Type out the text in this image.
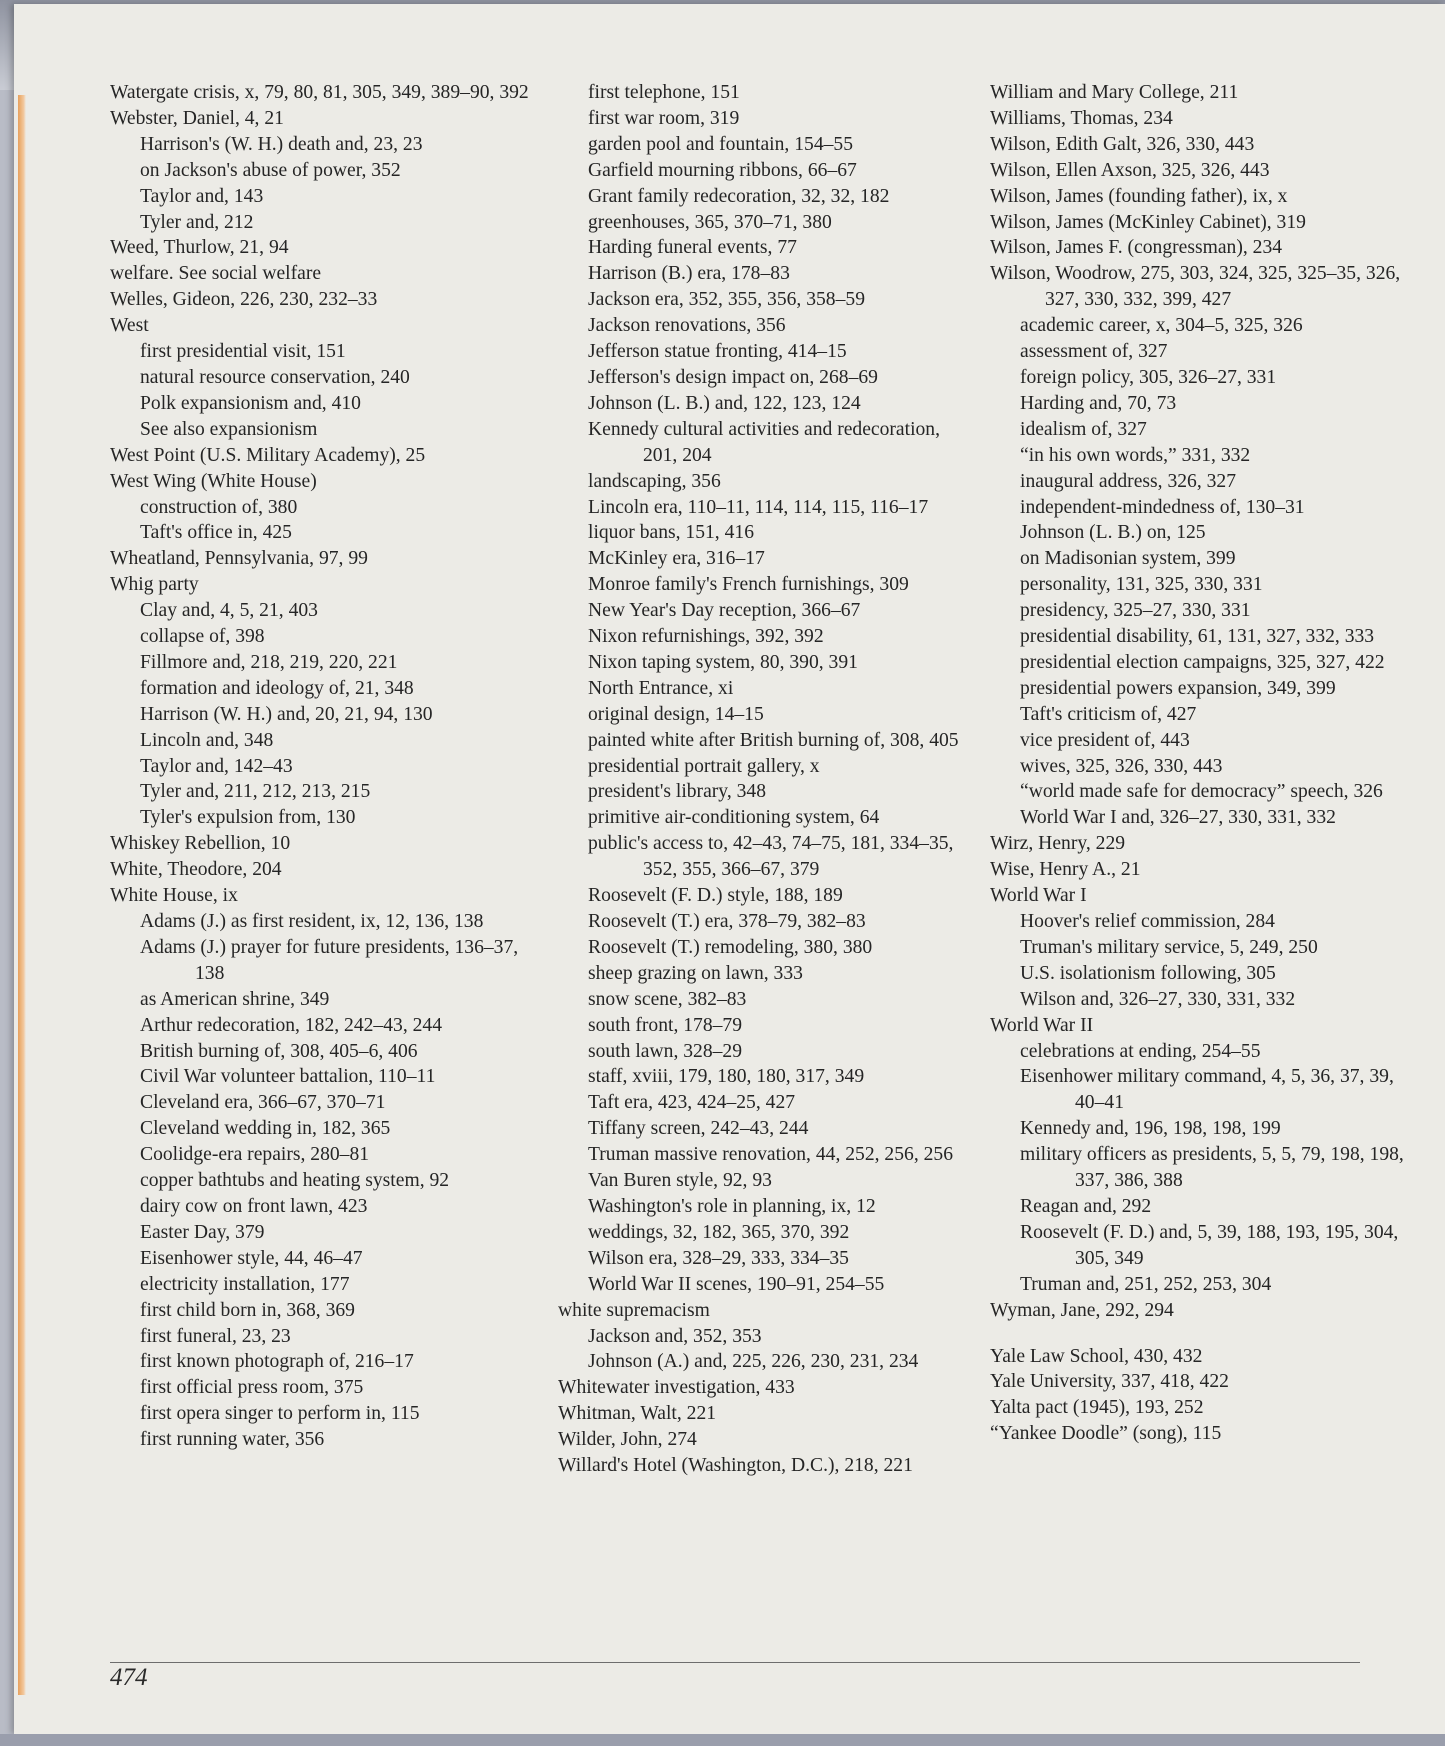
Watergate crisis, x, 79, 80, 81, 305, 349, 389–90, 392
Webster, Daniel, 4, 21
Harrison's (W. H.) death and, 23, 23
on Jackson's abuse of power, 352
Taylor and, 143
Tyler and, 212
Weed, Thurlow, 21, 94
welfare. See social welfare
Welles, Gideon, 226, 230, 232–33
West
first presidential visit, 151
natural resource conservation, 240
Polk expansionism and, 410
See also expansionism
West Point (U.S. Military Academy), 25
West Wing (White House)
construction of, 380
Taft's office in, 425
Wheatland, Pennsylvania, 97, 99
Whig party
Clay and, 4, 5, 21, 403
collapse of, 398
Fillmore and, 218, 219, 220, 221
formation and ideology of, 21, 348
Harrison (W. H.) and, 20, 21, 94, 130
Lincoln and, 348
Taylor and, 142–43
Tyler and, 211, 212, 213, 215
Tyler's expulsion from, 130
Whiskey Rebellion, 10
White, Theodore, 204
White House, ix
Adams (J.) as first resident, ix, 12, 136, 138
Adams (J.) prayer for future presidents, 136–37, 138
as American shrine, 349
Arthur redecoration, 182, 242–43, 244
British burning of, 308, 405–6, 406
Civil War volunteer battalion, 110–11
Cleveland era, 366–67, 370–71
Cleveland wedding in, 182, 365
Coolidge-era repairs, 280–81
copper bathtubs and heating system, 92
dairy cow on front lawn, 423
Easter Day, 379
Eisenhower style, 44, 46–47
electricity installation, 177
first child born in, 368, 369
first funeral, 23, 23
first known photograph of, 216–17
first official press room, 375
first opera singer to perform in, 115
first running water, 356
first telephone, 151
first war room, 319
garden pool and fountain, 154–55
Garfield mourning ribbons, 66–67
Grant family redecoration, 32, 32, 182
greenhouses, 365, 370–71, 380
Harding funeral events, 77
Harrison (B.) era, 178–83
Jackson era, 352, 355, 356, 358–59
Jackson renovations, 356
Jefferson statue fronting, 414–15
Jefferson's design impact on, 268–69
Johnson (L. B.) and, 122, 123, 124
Kennedy cultural activities and redecoration, 201, 204
landscaping, 356
Lincoln era, 110–11, 114, 114, 115, 116–17
liquor bans, 151, 416
McKinley era, 316–17
Monroe family's French furnishings, 309
New Year's Day reception, 366–67
Nixon refurnishings, 392, 392
Nixon taping system, 80, 390, 391
North Entrance, xi
original design, 14–15
painted white after British burning of, 308, 405
presidential portrait gallery, x
president's library, 348
primitive air-conditioning system, 64
public's access to, 42–43, 74–75, 181, 334–35, 352, 355, 366–67, 379
Roosevelt (F. D.) style, 188, 189
Roosevelt (T.) era, 378–79, 382–83
Roosevelt (T.) remodeling, 380, 380
sheep grazing on lawn, 333
snow scene, 382–83
south front, 178–79
south lawn, 328–29
staff, xviii, 179, 180, 180, 317, 349
Taft era, 423, 424–25, 427
Tiffany screen, 242–43, 244
Truman massive renovation, 44, 252, 256, 256
Van Buren style, 92, 93
Washington's role in planning, ix, 12
weddings, 32, 182, 365, 370, 392
Wilson era, 328–29, 333, 334–35
World War II scenes, 190–91, 254–55
white supremacism
Jackson and, 352, 353
Johnson (A.) and, 225, 226, 230, 231, 234
Whitewater investigation, 433
Whitman, Walt, 221
Wilder, John, 274
Willard's Hotel (Washington, D.C.), 218, 221
William and Mary College, 211
Williams, Thomas, 234
Wilson, Edith Galt, 326, 330, 443
Wilson, Ellen Axson, 325, 326, 443
Wilson, James (founding father), ix, x
Wilson, James (McKinley Cabinet), 319
Wilson, James F. (congressman), 234
Wilson, Woodrow, 275, 303, 324, 325, 325–35, 326, 327, 330, 332, 399, 427
academic career, x, 304–5, 325, 326
assessment of, 327
foreign policy, 305, 326–27, 331
Harding and, 70, 73
idealism of, 327
“in his own words,” 331, 332
inaugural address, 326, 327
independent-mindedness of, 130–31
Johnson (L. B.) on, 125
on Madisonian system, 399
personality, 131, 325, 330, 331
presidency, 325–27, 330, 331
presidential disability, 61, 131, 327, 332, 333
presidential election campaigns, 325, 327, 422
presidential powers expansion, 349, 399
Taft's criticism of, 427
vice president of, 443
wives, 325, 326, 330, 443
“world made safe for democracy” speech, 326
World War I and, 326–27, 330, 331, 332
Wirz, Henry, 229
Wise, Henry A., 21
World War I
Hoover's relief commission, 284
Truman's military service, 5, 249, 250
U.S. isolationism following, 305
Wilson and, 326–27, 330, 331, 332
World War II
celebrations at ending, 254–55
Eisenhower military command, 4, 5, 36, 37, 39, 40–41
Kennedy and, 196, 198, 198, 199
military officers as presidents, 5, 5, 79, 198, 198, 337, 386, 388
Reagan and, 292
Roosevelt (F. D.) and, 5, 39, 188, 193, 195, 304, 305, 349
Truman and, 251, 252, 253, 304
Wyman, Jane, 292, 294
Yale Law School, 430, 432
Yale University, 337, 418, 422
Yalta pact (1945), 193, 252
“Yankee Doodle” (song), 115
474
